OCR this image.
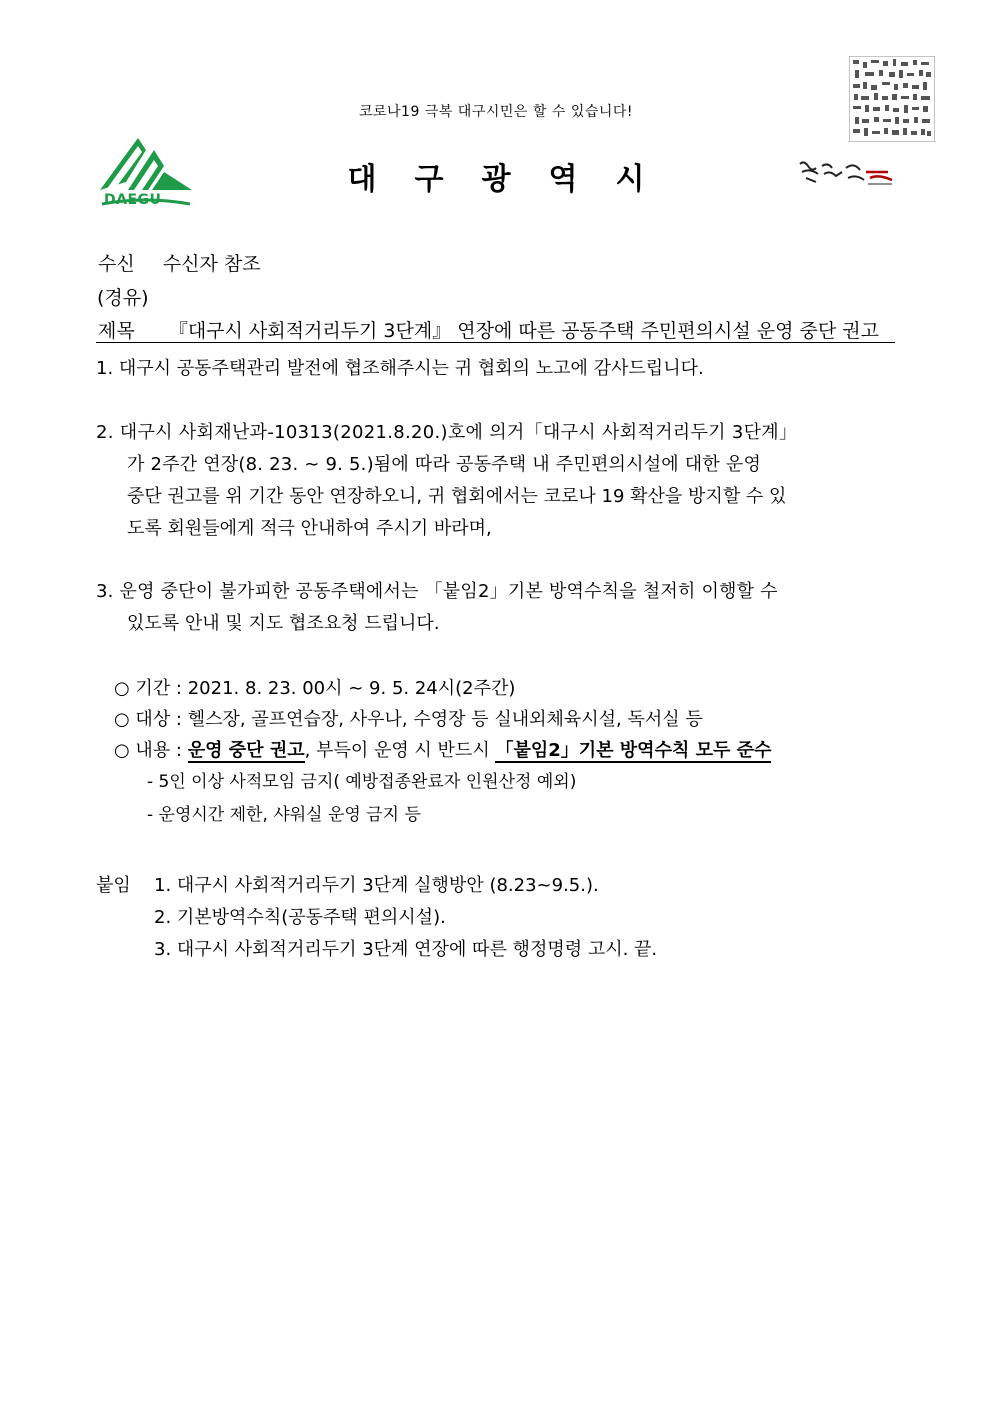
코로나19 극복 대구시민은 할 수 있습니다!
DAEGU
대구광역시
수신 수신자 참조
(경유)
제목 『대구시 사회적거리두기 3단계』 연장에 따른 공동주택 주민편의시설 운영 중단 권고
1. 대구시 공동주택관리 발전에 협조해주시는 귀 협회의 노고에 감사드립니다.
2. 대구시 사회재난과-10313(2021.8.20.)호에 의거「대구시 사회적거리두기 3단계」
가 2주간 연장(8. 23. ∼ 9. 5.)됨에 따라 공동주택 내 주민편의시설에 대한 운영
중단 권고를 위 기간 동안 연장하오니, 귀 협회에서는 코로나 19 확산을 방지할 수 있
도록 회원들에게 적극 안내하여 주시기 바라며,
3. 운영 중단이 불가피한 공동주택에서는 「붙임2」기본 방역수칙을 철저히 이행할 수
있도록 안내 및 지도 협조요청 드립니다.
○ 기간 : 2021. 8. 23. 00시 ∼ 9. 5. 24시(2주간)
○ 대상 : 헬스장, 골프연습장, 사우나, 수영장 등 실내외체육시설, 독서실 등
○ 내용 : 운영 중단 권고, 부득이 운영 시 반드시 「붙임2」기본 방역수칙 모두 준수
- 5인 이상 사적모임 금지( 예방접종완료자 인원산정 예외)
- 운영시간 제한, 샤워실 운영 금지 등
붙임 1. 대구시 사회적거리두기 3단계 실행방안 (8.23~9.5.).
2. 기본방역수칙(공동주택 편의시설).
3. 대구시 사회적거리두기 3단계 연장에 따른 행정명령 고시. 끝.
